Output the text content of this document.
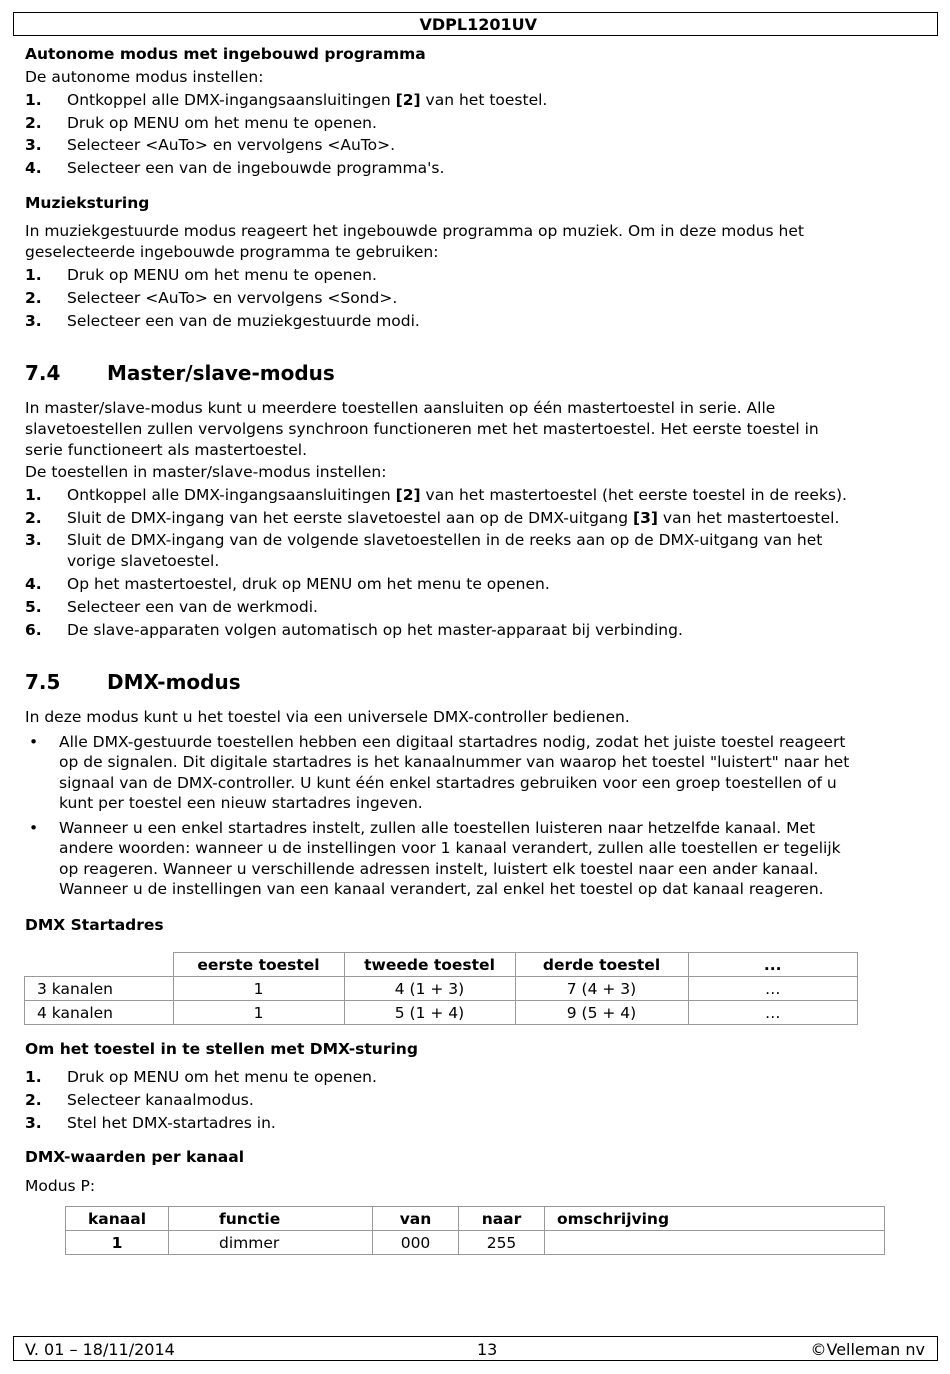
VDPL1201UV
Autonome modus met ingebouwd programma
De autonome modus instellen:
1. Ontkoppel alle DMX-ingangsaansluitingen [2] van het toestel.
2. Druk op MENU om het menu te openen.
3. Selecteer <AuTo> en vervolgens <AuTo>.
4. Selecteer een van de ingebouwde programma's.
Muzieksturing
In muziekgestuurde modus reageert het ingebouwde programma op muziek. Om in deze modus het
geselecteerde ingebouwde programma te gebruiken:
1. Druk op MENU om het menu te openen.
2. Selecteer <AuTo> en vervolgens <Sond>.
3. Selecteer een van de muziekgestuurde modi.
7.4 Master/slave-modus
In master/slave-modus kunt u meerdere toestellen aansluiten op één mastertoestel in serie. Alle
slavetoestellen zullen vervolgens synchroon functioneren met het mastertoestel. Het eerste toestel in
serie functioneert als mastertoestel.
De toestellen in master/slave-modus instellen:
1. Ontkoppel alle DMX-ingangsaansluitingen [2] van het mastertoestel (het eerste toestel in de reeks).
2. Sluit de DMX-ingang van het eerste slavetoestel aan op de DMX-uitgang [3] van het mastertoestel.
3. Sluit de DMX-ingang van de volgende slavetoestellen in de reeks aan op de DMX-uitgang van het
vorige slavetoestel.
4. Op het mastertoestel, druk op MENU om het menu te openen.
5. Selecteer een van de werkmodi.
6. De slave-apparaten volgen automatisch op het master-apparaat bij verbinding.
7.5 DMX-modus
In deze modus kunt u het toestel via een universele DMX-controller bedienen.
• Alle DMX-gestuurde toestellen hebben een digitaal startadres nodig, zodat het juiste toestel reageert
op de signalen. Dit digitale startadres is het kanaalnummer van waarop het toestel "luistert" naar het
signaal van de DMX-controller. U kunt één enkel startadres gebruiken voor een groep toestellen of u
kunt per toestel een nieuw startadres ingeven.
• Wanneer u een enkel startadres instelt, zullen alle toestellen luisteren naar hetzelfde kanaal. Met
andere woorden: wanneer u de instellingen voor 1 kanaal verandert, zullen alle toestellen er tegelijk
op reageren. Wanneer u verschillende adressen instelt, luistert elk toestel naar een ander kanaal.
Wanneer u de instellingen van een kanaal verandert, zal enkel het toestel op dat kanaal reageren.
DMX Startadres
	eerste toestel	tweede toestel	derde toestel	...
3 kanalen	1	4 (1 + 3)	7 (4 + 3)	…
4 kanalen	1	5 (1 + 4)	9 (5 + 4)	…
Om het toestel in te stellen met DMX-sturing
1. Druk op MENU om het menu te openen.
2. Selecteer kanaalmodus.
3. Stel het DMX-startadres in.
DMX-waarden per kanaal
Modus P:
kanaal	functie	van	naar	omschrijving
1	dimmer	000	255	
V. 01 – 18/11/2014	13	©Velleman nv
